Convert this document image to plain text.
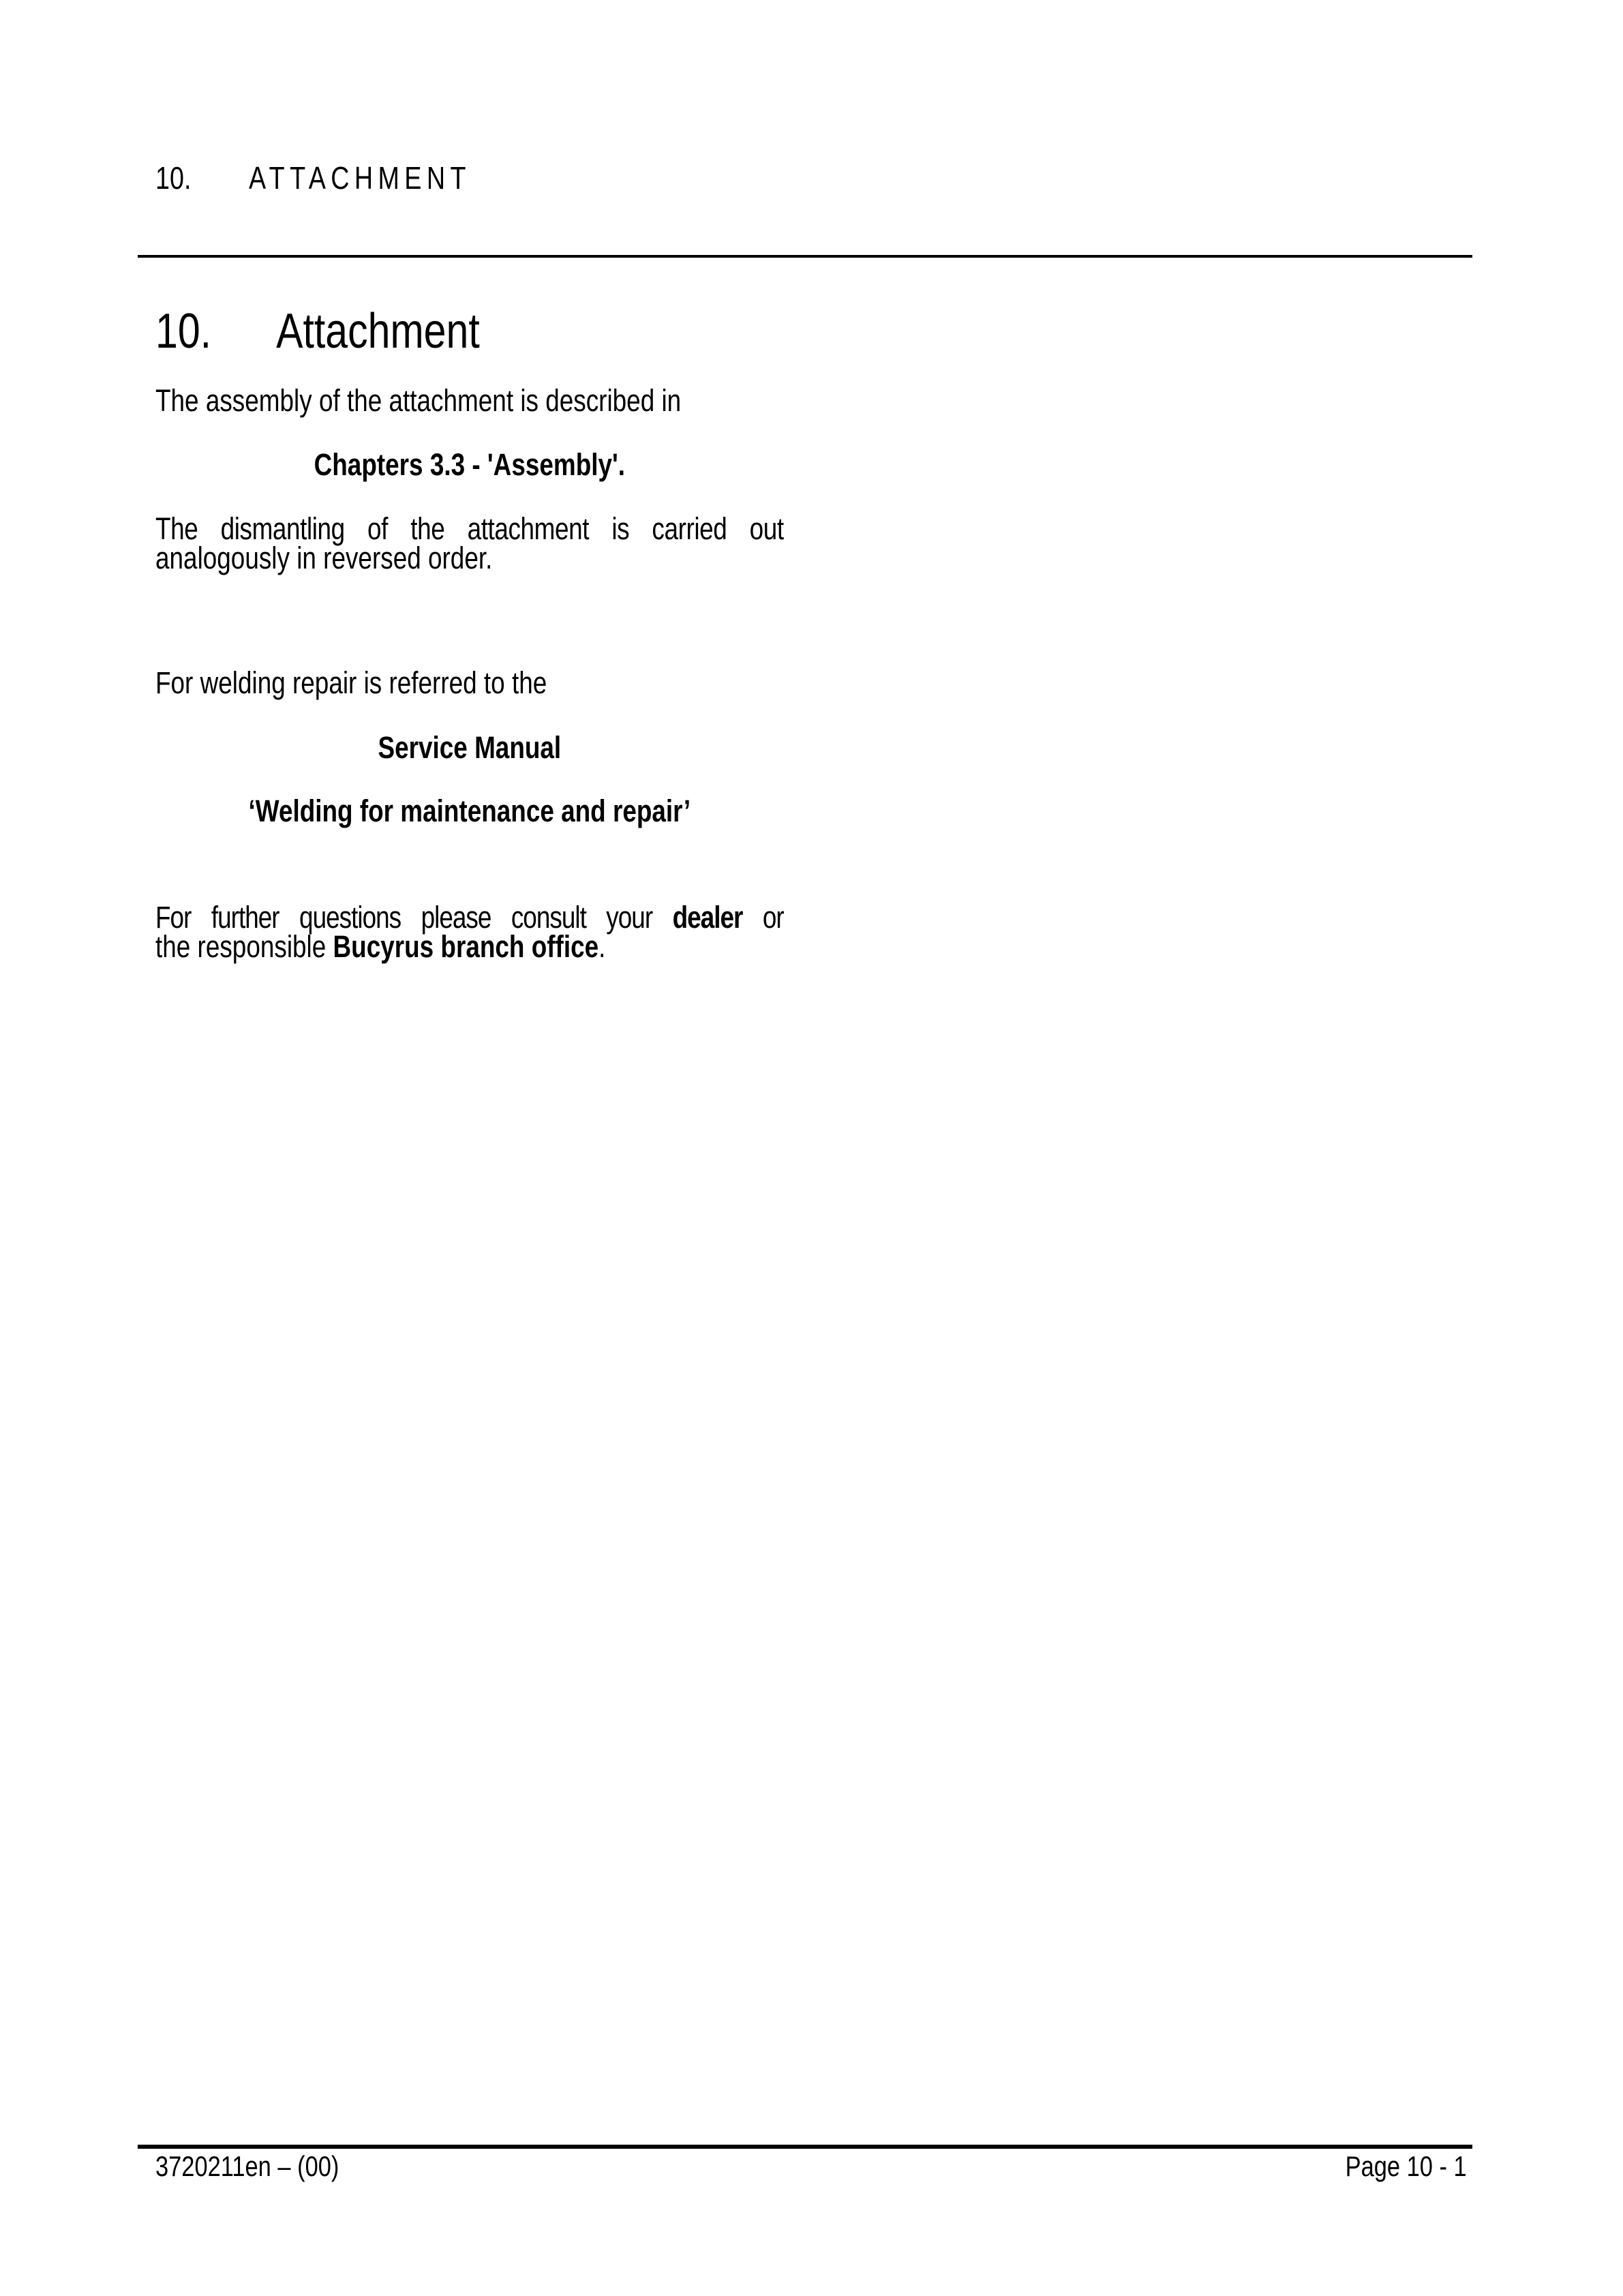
10. ATTACHMENT
10. Attachment
The assembly of the attachment is described in
Chapters 3.3 - 'Assembly'.
The dismantling of the attachment is carried out
analogously in reversed order.
For welding repair is referred to the
Service Manual
‘Welding for maintenance and repair’
For further questions please consult your dealer or
the responsible Bucyrus branch office.
3720211en – (00)	Page 10 - 1
